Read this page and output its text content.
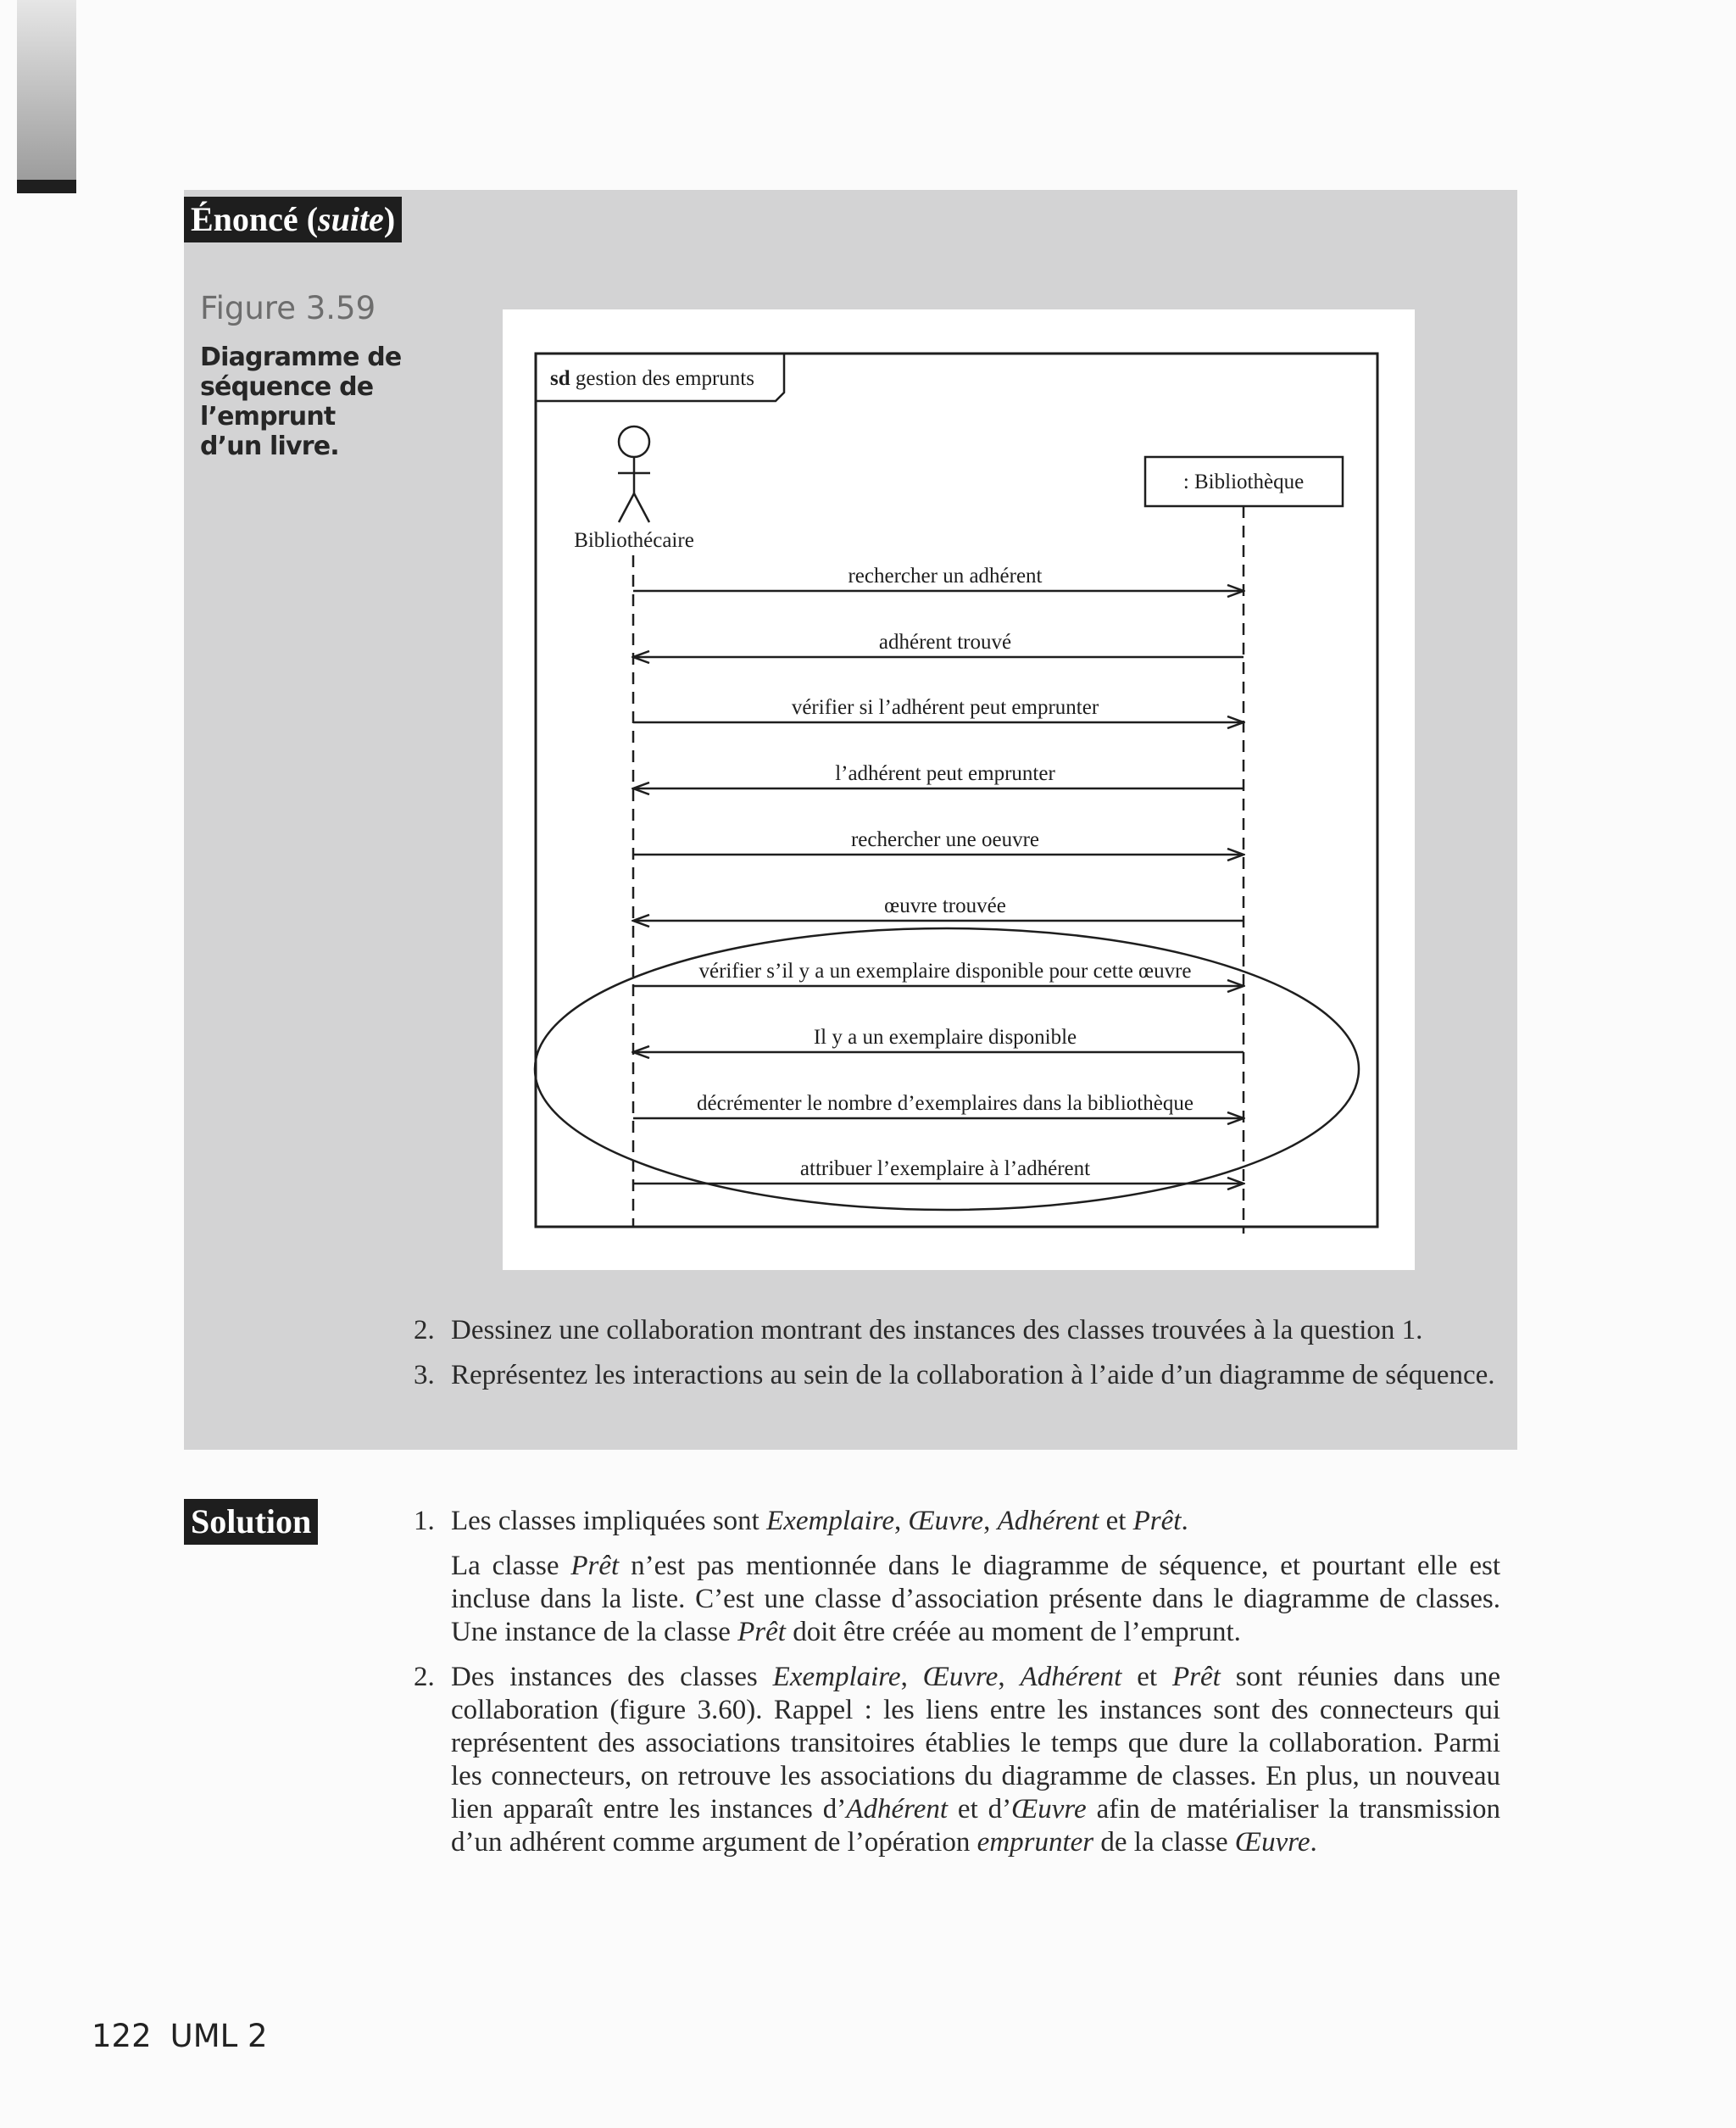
Énoncé (suite)
Figure 3.59

Diagramme de séquence de l’emprunt d’un livre.

sd gestion des emprunts
Bibliothécaire
: Bibliothèque
rechercher un adhérent
adhérent trouvé
vérifier si l’adhérent peut emprunter
l’adhérent peut emprunter
rechercher une oeuvre
œuvre trouvée
vérifier s’il y a un exemplaire disponible pour cette œuvre
Il y a un exemplaire disponible
décrémenter le nombre d’exemplaires dans la bibliothèque
attribuer l’exemplaire à l’adhérent
2. Dessinez une collaboration montrant des instances des classes trouvées à la question 1.
3. Représentez les interactions au sein de la collaboration à l’aide d’un diagramme de séquence.
Solution	1. Les classes impliquées sont Exemplaire, Œuvre, Adhérent et Prêt.

La classe Prêt n’est pas mentionnée dans le diagramme de séquence, et pourtant elle est incluse dans la liste. C’est une classe d’association présente dans le diagramme de classes. Une instance de la classe Prêt doit être créée au moment de l’emprunt.

2. Des instances des classes Exemplaire, Œuvre, Adhérent et Prêt sont réunies dans une collaboration (figure 3.60). Rappel : les liens entre les instances sont des connecteurs qui représentent des associations transitoires établies le temps que dure la collaboration. Parmi les connecteurs, on retrouve les associations du diagramme de classes. En plus, un nouveau lien apparaît entre les instances d’Adhérent et d’Œuvre afin de matérialiser la transmission d’un adhérent comme argument de l’opération emprunter de la classe Œuvre.

122 UML 2
